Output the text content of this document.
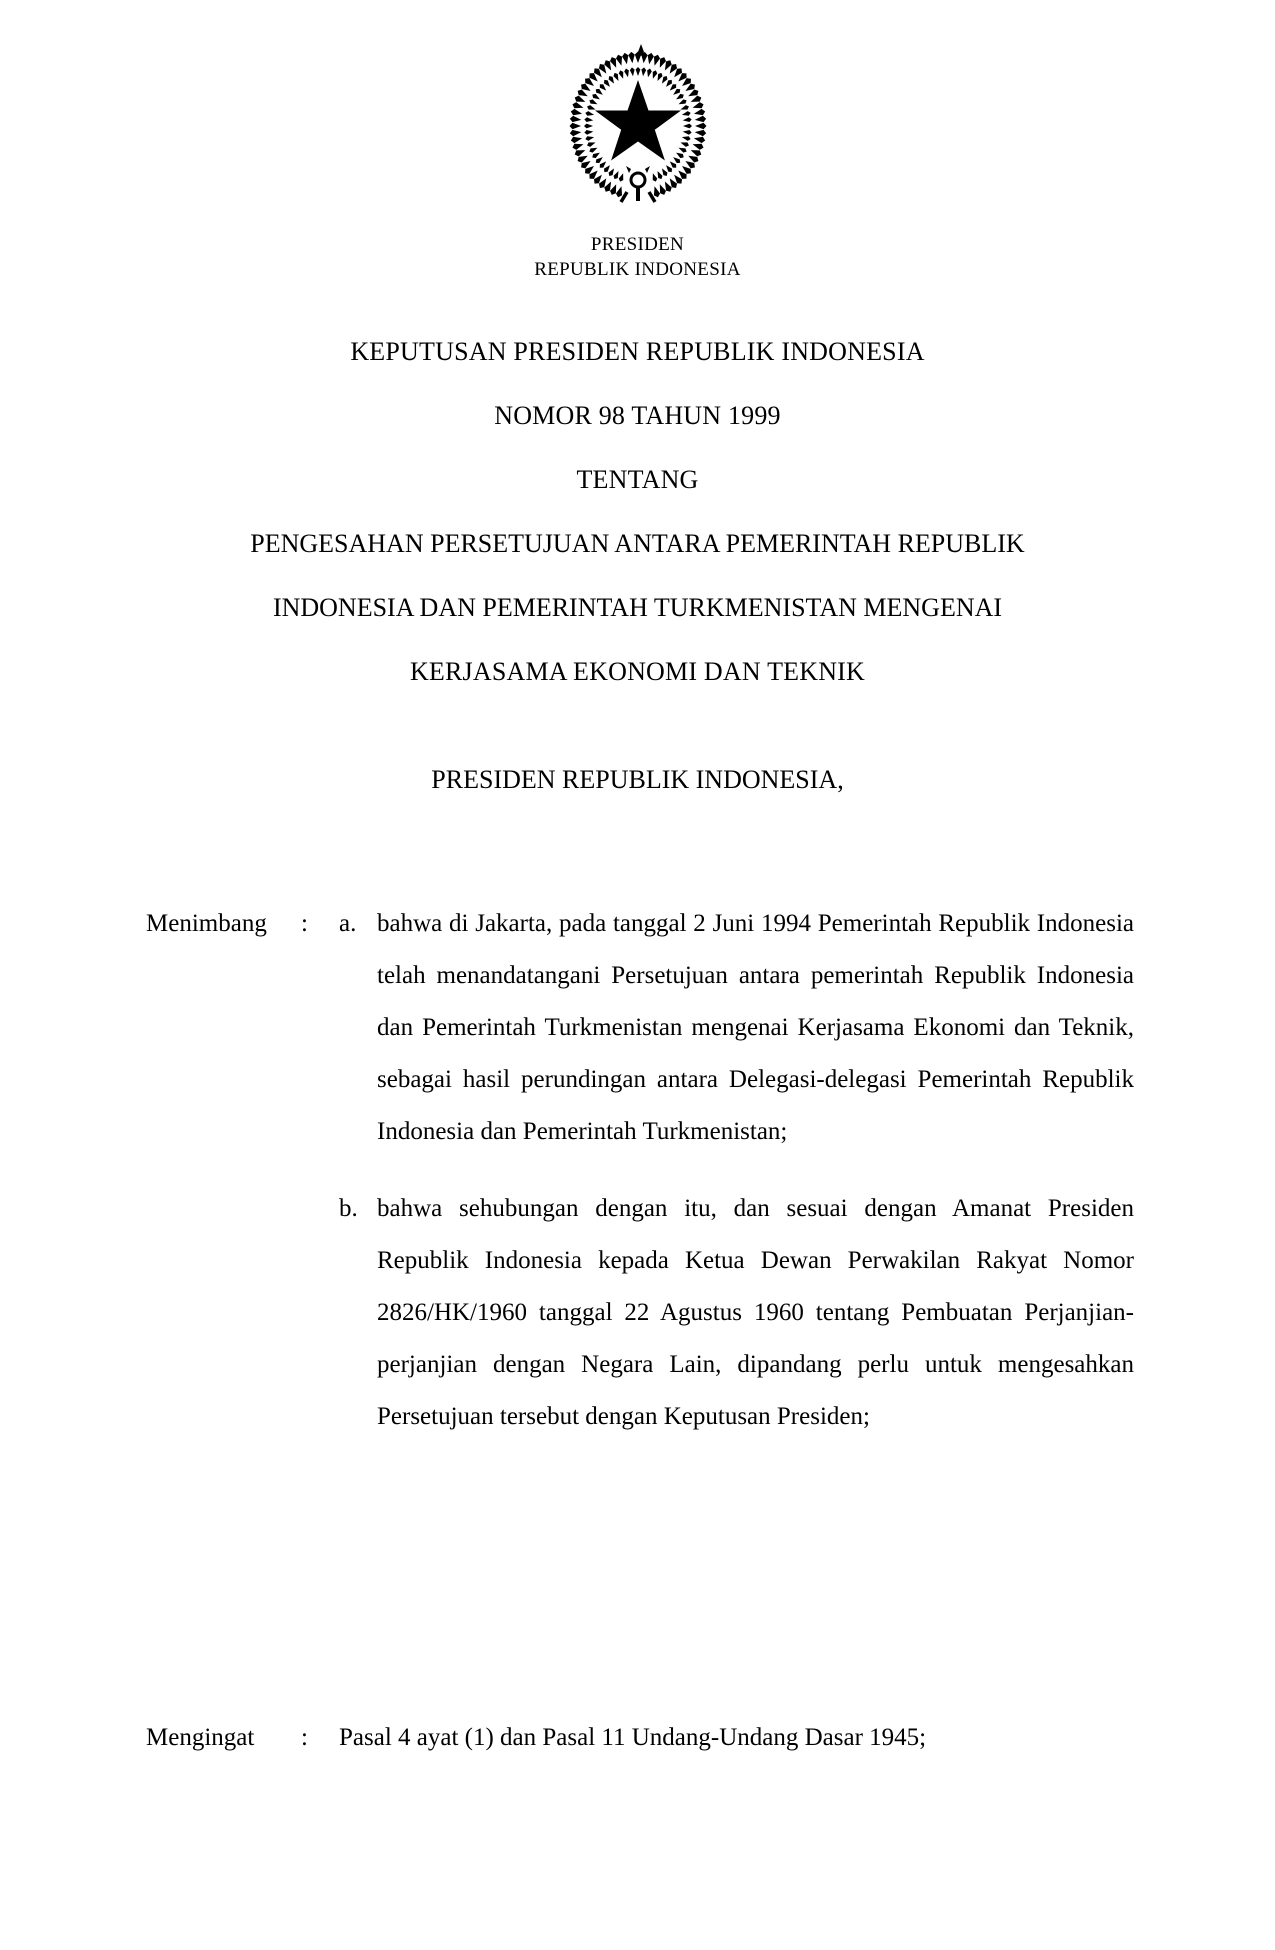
PRESIDEN
REPUBLIK INDONESIA
KEPUTUSAN PRESIDEN REPUBLIK INDONESIA
NOMOR 98 TAHUN 1999
TENTANG
PENGESAHAN PERSETUJUAN ANTARA PEMERINTAH REPUBLIK
INDONESIA DAN PEMERINTAH TURKMENISTAN MENGENAI
KERJASAMA EKONOMI DAN TEKNIK
PRESIDEN REPUBLIK INDONESIA,
Menimbang	:	a. bahwa di Jakarta, pada tanggal 2 Juni 1994 Pemerintah Republik Indonesia telah menandatangani Persetujuan antara pemerintah Republik Indonesia dan Pemerintah Turkmenistan mengenai Kerjasama Ekonomi dan Teknik, sebagai hasil perundingan antara Delegasi-delegasi Pemerintah Republik Indonesia dan Pemerintah Turkmenistan;
b. bahwa sehubungan dengan itu, dan sesuai dengan Amanat Presiden Republik Indonesia kepada Ketua Dewan Perwakilan Rakyat Nomor 2826/HK/1960 tanggal 22 Agustus 1960 tentang Pembuatan Perjanjian-perjanjian dengan Negara Lain, dipandang perlu untuk mengesahkan Persetujuan tersebut dengan Keputusan Presiden;
Mengingat	:	Pasal 4 ayat (1) dan Pasal 11 Undang-Undang Dasar 1945;
